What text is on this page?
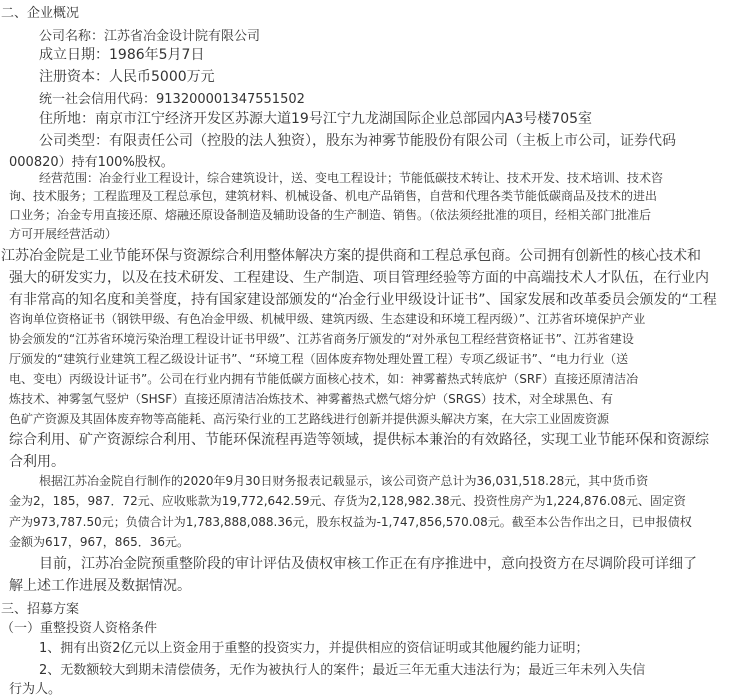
二、企业概况
公司名称：江苏省冶金设计院有限公司
成立日期：1986年5月7日
注册资本：人民币5000万元
统一社会信用代码：913200001347551502
住所地：南京市江宁经济开发区苏源大道19号江宁九龙湖国际企业总部园内A3号楼705室
公司类型：有限责任公司（控股的法人独资），股东为神雾节能股份有限公司（主板上市公司，证券代码
000820）持有100%股权。
经营范围：冶金行业工程设计，综合建筑设计，送、变电工程设计；节能低碳技术转让、技术开发、技术培训、技术咨
询、技术服务；工程监理及工程总承包，建筑材料、机械设备、机电产品销售，自营和代理各类节能低碳商品及技术的进出
口业务；冶金专用直接还原、熔融还原设备制造及辅助设备的生产制造、销售。（依法须经批准的项目，经相关部门批准后
方可开展经营活动）
江苏冶金院是工业节能环保与资源综合利用整体解决方案的提供商和工程总承包商。公司拥有创新性的核心技术和
强大的研发实力，以及在技术研发、工程建设、生产制造、项目管理经验等方面的中高端技术人才队伍，在行业内
有非常高的知名度和美誉度，持有国家建设部颁发的“冶金行业甲级设计证书”、国家发展和改革委员会颁发的“工程
咨询单位资格证书（钢铁甲级、有色冶金甲级、机械甲级、建筑丙级、生态建设和环境工程丙级）”、江苏省环境保护产业
协会颁发的“江苏省环境污染治理工程设计证书甲级”、江苏省商务厅颁发的“对外承包工程经营资格证书”、江苏省建设
厅颁发的“建筑行业建筑工程乙级设计证书”、“环境工程（固体废弃物处理处置工程）专项乙级证书”、“电力行业（送
电、变电）丙级设计证书”。公司在行业内拥有节能低碳方面核心技术，如：神雾蓄热式转底炉（SRF）直接还原清洁冶
炼技术、神雾氢气竖炉（SHSF）直接还原清洁冶炼技术、神雾蓄热式燃气熔分炉（SRGS）技术，对全球黑色、有
色矿产资源及其固体废弃物等高能耗、高污染行业的工艺路线进行创新并提供源头解决方案，在大宗工业固废资源
综合利用、矿产资源综合利用、节能环保流程再造等领域，提供标本兼治的有效路径，实现工业节能环保和资源综
合利用。
根据江苏冶金院自行制作的2020年9月30日财务报表记载显示，该公司资产总计为36,031,518.28元，其中货币资
金为2，185，987．72元、应收账款为19,772,642.59元、存货为2,128,982.38元、投资性房产为1,224,876.08元、固定资
产为973,787.50元；负债合计为1,783,888,088.36元，股东权益为-1,747,856,570.08元。截至本公告作出之日，已申报债权
金额为617，967，865．36元。
目前，江苏冶金院预重整阶段的审计评估及债权审核工作正在有序推进中，意向投资方在尽调阶段可详细了
解上述工作进展及数据情况。
三、招募方案
（一）重整投资人资格条件
1、拥有出资2亿元以上资金用于重整的投资实力，并提供相应的资信证明或其他履约能力证明；
2、无数额较大到期未清偿债务，无作为被执行人的案件；最近三年无重大违法行为；最近三年未列入失信
行为人。
